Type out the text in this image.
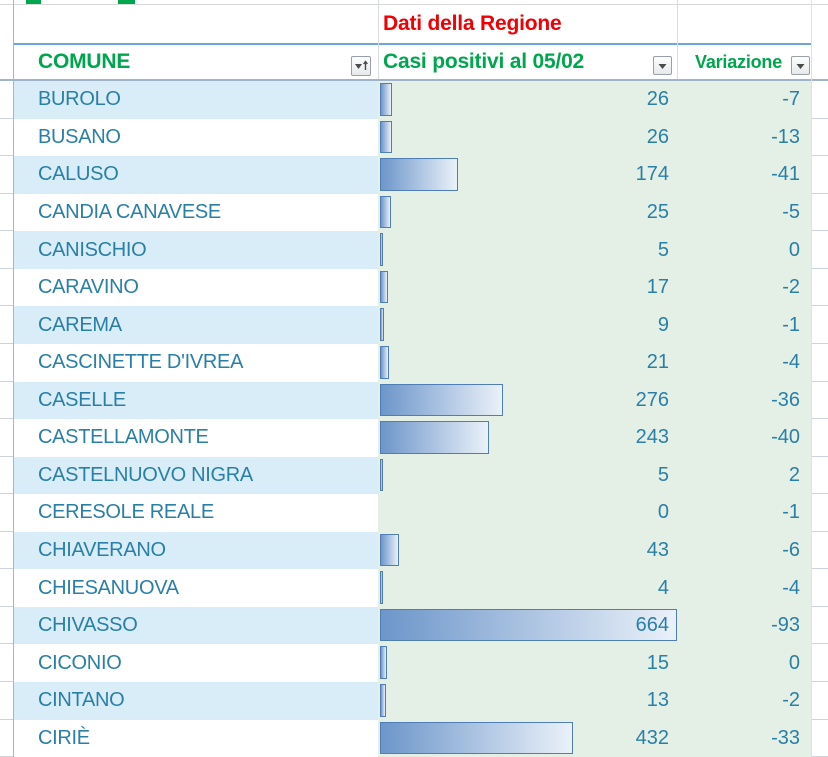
Dati della Regione
COMUNE	Casi positivi al 05/02	Variazione
BUROLO	26	-7
BUSANO	26	-13
CALUSO	174	-41
CANDIA CANAVESE	25	-5
CANISCHIO	5	0
CARAVINO	17	-2
CAREMA	9	-1
CASCINETTE D'IVREA	21	-4
CASELLE	276	-36
CASTELLAMONTE	243	-40
CASTELNUOVO NIGRA	5	2
CERESOLE REALE	0	-1
CHIAVERANO	43	-6
CHIESANUOVA	4	-4
CHIVASSO	664	-93
CICONIO	15	0
CINTANO	13	-2
CIRIÈ	432	-33
